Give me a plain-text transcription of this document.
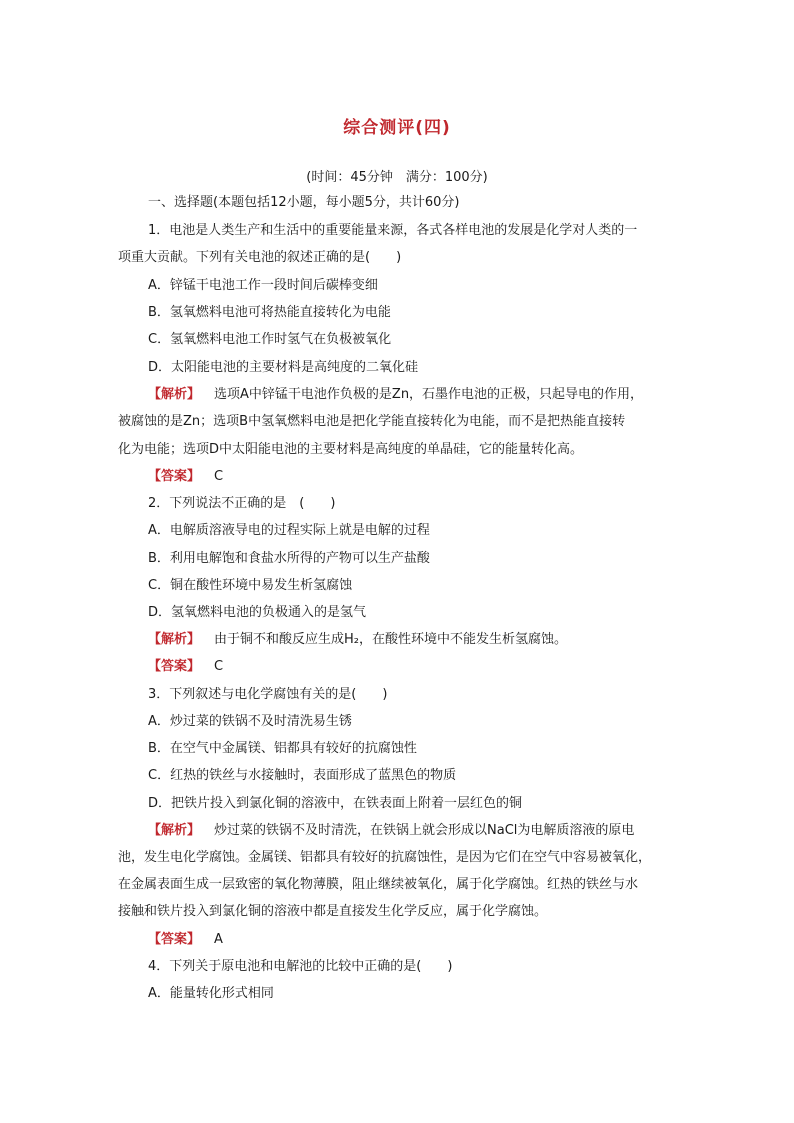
综合测评(四)
(时间：45分钟　满分：100分)
一、选择题(本题包括12小题，每小题5分，共计60分)
1．电池是人类生产和生活中的重要能量来源，各式各样电池的发展是化学对人类的一
项重大贡献。下列有关电池的叙述正确的是(　　)
A．锌锰干电池工作一段时间后碳棒变细
B．氢氧燃料电池可将热能直接转化为电能
C．氢氧燃料电池工作时氢气在负极被氧化
D．太阳能电池的主要材料是高纯度的二氧化硅
【解析】 选项A中锌锰干电池作负极的是Zn，石墨作电池的正极，只起导电的作用，
被腐蚀的是Zn；选项B中氢氧燃料电池是把化学能直接转化为电能，而不是把热能直接转
化为电能；选项D中太阳能电池的主要材料是高纯度的单晶硅，它的能量转化高。
【答案】 C
2．下列说法不正确的是　(　　)
A．电解质溶液导电的过程实际上就是电解的过程
B．利用电解饱和食盐水所得的产物可以生产盐酸
C．铜在酸性环境中易发生析氢腐蚀
D．氢氧燃料电池的负极通入的是氢气
【解析】 由于铜不和酸反应生成H₂，在酸性环境中不能发生析氢腐蚀。
【答案】 C
3．下列叙述与电化学腐蚀有关的是(　　)
A．炒过菜的铁锅不及时清洗易生锈
B．在空气中金属镁、铝都具有较好的抗腐蚀性
C．红热的铁丝与水接触时，表面形成了蓝黑色的物质
D．把铁片投入到氯化铜的溶液中，在铁表面上附着一层红色的铜
【解析】 炒过菜的铁锅不及时清洗，在铁锅上就会形成以NaCl为电解质溶液的原电
池，发生电化学腐蚀。金属镁、铝都具有较好的抗腐蚀性，是因为它们在空气中容易被氧化，
在金属表面生成一层致密的氧化物薄膜，阻止继续被氧化，属于化学腐蚀。红热的铁丝与水
接触和铁片投入到氯化铜的溶液中都是直接发生化学反应，属于化学腐蚀。
【答案】 A
4．下列关于原电池和电解池的比较中正确的是(　　)
A．能量转化形式相同
